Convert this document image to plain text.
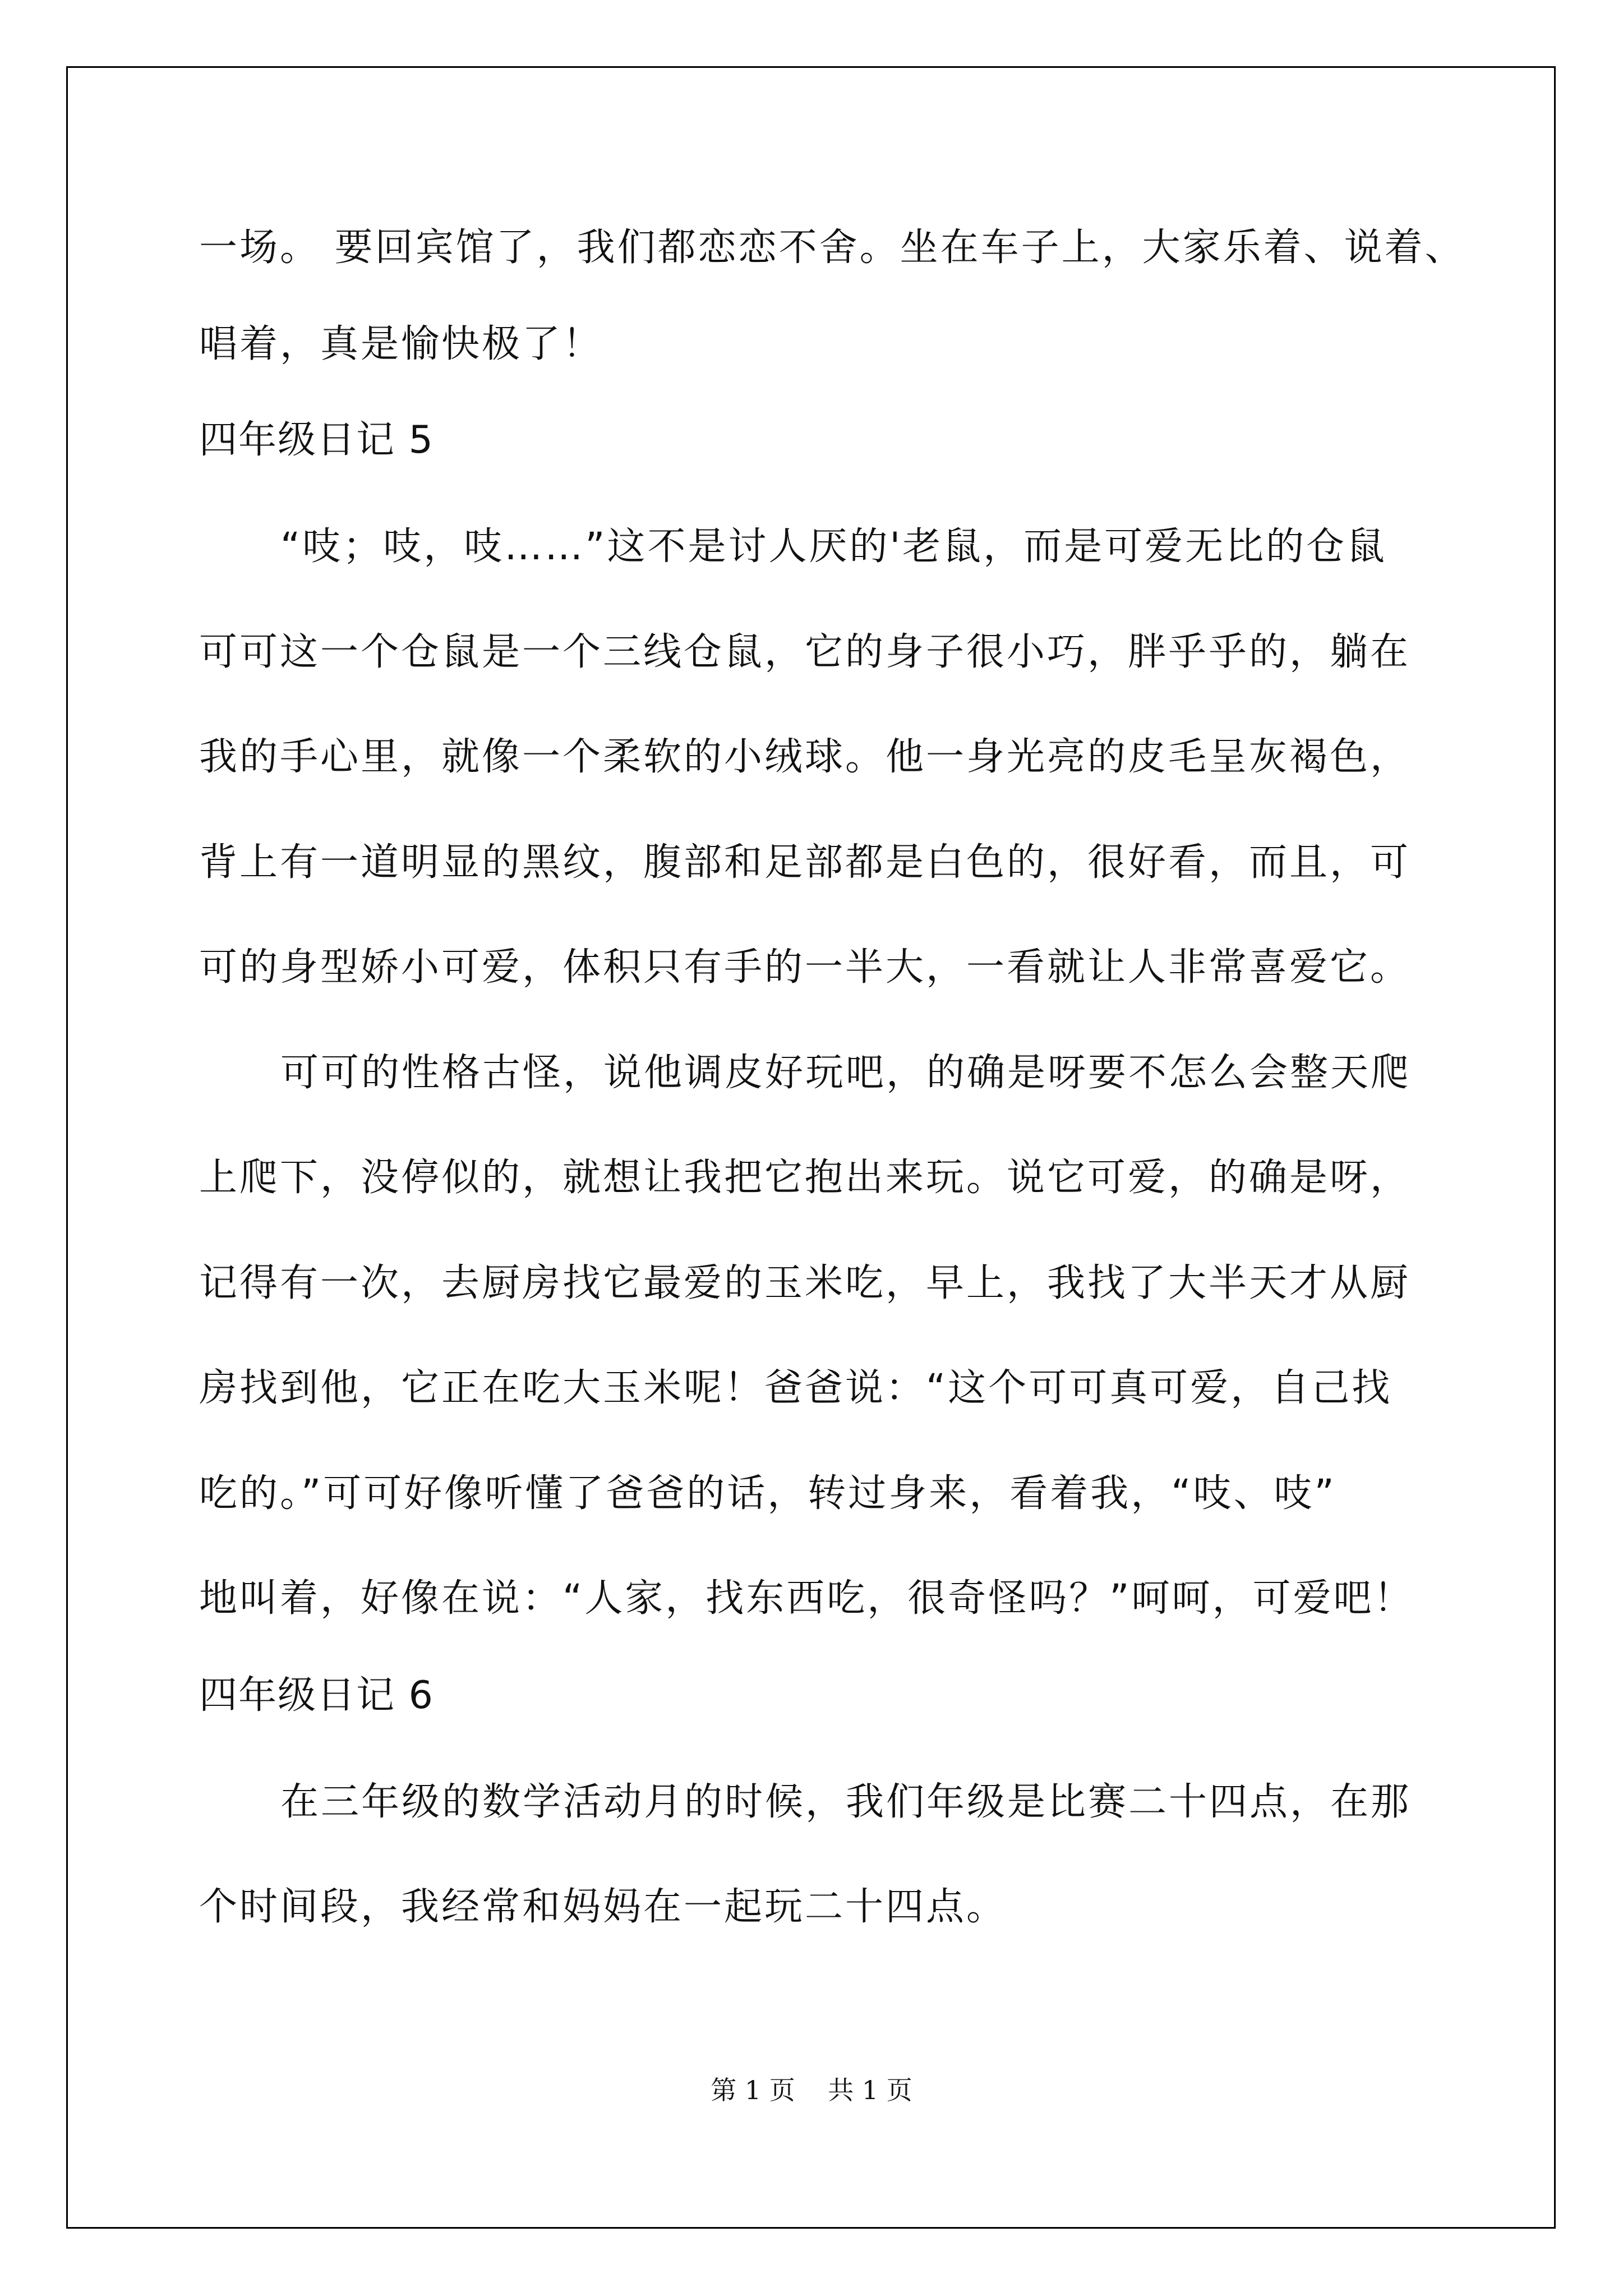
一场。 要回宾馆了，我们都恋恋不舍。坐在车子上，大家乐着、说着、
唱着，真是愉快极了！
四年级日记 5
“吱；吱，吱……”这不是讨人厌的'老鼠，而是可爱无比的仓鼠
可可这一个仓鼠是一个三线仓鼠，它的身子很小巧，胖乎乎的，躺在
我的手心里，就像一个柔软的小绒球。他一身光亮的皮毛呈灰褐色，
背上有一道明显的黑纹，腹部和足部都是白色的，很好看，而且，可
可的身型娇小可爱，体积只有手的一半大，一看就让人非常喜爱它。
可可的性格古怪，说他调皮好玩吧，的确是呀要不怎么会整天爬
上爬下，没停似的，就想让我把它抱出来玩。说它可爱，的确是呀，
记得有一次，去厨房找它最爱的玉米吃，早上，我找了大半天才从厨
房找到他，它正在吃大玉米呢！爸爸说：“这个可可真可爱，自己找
吃的。”可可好像听懂了爸爸的话，转过身来，看着我，“吱、吱”
地叫着，好像在说：“人家，找东西吃，很奇怪吗？”呵呵，可爱吧！
四年级日记 6
在三年级的数学活动月的时候，我们年级是比赛二十四点，在那
个时间段，我经常和妈妈在一起玩二十四点。
第 1 页    共 1 页
